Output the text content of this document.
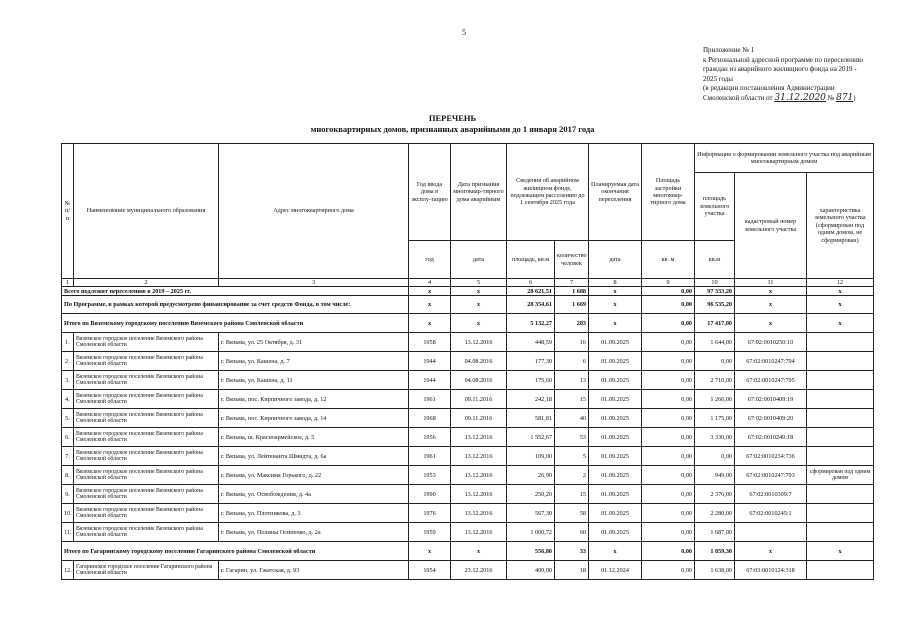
5
Приложение № 1
к Региональной адресной программе по переселению
граждан из аварийного жилищного фонда на 2019 -
2025 годы
(в редакции постановления Администрации
Смоленской области от 31.12.2020 № 871)
ПЕРЕЧЕНЬ
многоквартирных домов, признанных аварийными до 1 января 2017 года
№ п/п	Наименование муниципального образования	Адрес многоквартирного дома	Год ввода дома в эксплу-тацию	Дата признания многоквар-тирного дома аварийным	Сведения об аварийном жилищном фонде, подлежащем расселению до 1 сентября 2025 года		Планируемая дата окончания переселения	Площадь застройки многоквар-тирного дома	Информация о формировании земельного участка под аварийным многоквартирным домом		
									площадь земельного участка	кадастровый номер земельного участка	характеристика земельного участка (сформирован под одним домом, не сформирован)
			год	дата	площадь, кв.м	количество человек	дата	кв. м	кв.м		
1	2	3	4	5	6	7	8	9	10	11	12
Всего подлежит переселению в 2019 – 2025 гг.			х	х	28 621,51	1 688	х	0,00	97 333,20	х	х
По Программе, в рамках которой предусмотрено финансирование за счет средств Фонда, в том числе:			х	х	28 354,61	1 669	х	0,00	96 535,20	х	х
Итого по Вяземскому городскому поселению Вяземского района Смоленской области			х	х	5 132,27	283	х	0,00	17 417,00	х	х
1.	Вяземское городское поселение Вяземского района Смоленской области	г. Вязьма, ул. 25 Октября, д. 31	1958	13.12.2016	448,59	16	01.09.2025	0,00	1 644,00	67:02:0010250:10	
2.	Вяземское городское поселение Вяземского района Смоленской области	г. Вязьма, ул. Кашена, д. 7	1944	04.08.2016	177,30	6	01.09.2025	0,00	0,00	67:02:0010247:794	
3.	Вяземское городское поселение Вяземского района Смоленской области	г. Вязьма, ул. Кашена, д. 11	1944	04.08.2016	175,60	13	01.09.2025	0,00	2 710,00	67:02:0010247:795	
4.	Вяземское городское поселение Вяземского района Смоленской области	г. Вязьма, пос. Кирпичного завода, д. 12	1961	09.11.2016	242,18	15	01.09.2025	0,00	1 266,00	67:02:0010409:19	
5.	Вяземское городское поселение Вяземского района Смоленской области	г. Вязьма, пос. Кирпичного завода, д. 14	1968	09.11.2016	581,81	40	01.09.2025	0,00	1 175,00	67:02:0010409:20	
6.	Вяземское городское поселение Вяземского района Смоленской области	г. Вязьма, ш. Красноармейское, д. 5	1956	13.12.2016	1 552,67	53	01.09.2025	0,00	3 330,00	67:02:0010249:18	
7.	Вяземское городское поселение Вяземского района Смоленской области	г. Вязьма, ул. Лейтенанта Шмидта, д. 6а	1961	13.12.2016	109,00	5	01.09.2025	0,00	0,00	67:02:0010234:736	
8.	Вяземское городское поселение Вяземского района Смоленской области	г. Вязьма, ул. Максима Горького, д. 22	1953	13.12.2016	26,90	2	01.09.2025	0,00	949,00	67:02:0010247:793	сформирован под одним домом
9.	Вяземское городское поселение Вяземского района Смоленской области	г. Вязьма, ул. Освобождения, д. 4а	1990	13.12.2016	250,20	15	01.09.2025	0,00	2 376,00	67:02:0010309:7	
10.	Вяземское городское поселение Вяземского района Смоленской области	г. Вязьма, ул. Плотникова, д. 3	1976	13.12.2016	567,30	58	01.09.2025	0,00	2 280,00	67:02:0010245:1	
11.	Вяземское городское поселение Вяземского района Смоленской области	г. Вязьма, ул. Полины Осипенко, д. 2а	1959	13.12.2016	1 000,72	60	01.09.2025	0,00	1 687,00		
Итого по Гагаринскому городскому поселению Гагаринского района Смоленской области			х	х	556,80	33	х	0,00	1 859,30	х	х
12.	Гагаринское городское поселение Гагаринского района Смоленской области	г. Гагарин, ул. Гжатская, д. 93	1954	23.12.2016	400,00	18	01.12.2024	0,00	1 638,00	67:03:0010124:318	
